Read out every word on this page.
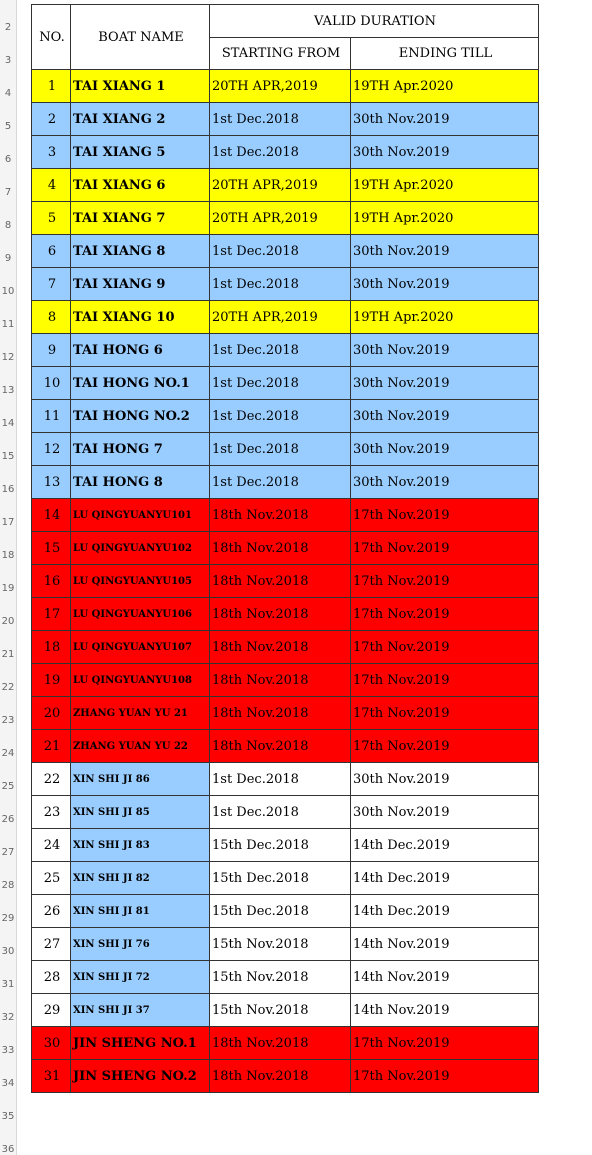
2
3
4
5
6
7
8
9
10
11
12
13
14
15
16
17
18
19
20
21
22
23
24
25
26
27
28
29
30
31
32
33
34
35
36
NO.	BOAT NAME	VALID DURATION	
		STARTING FROM	ENDING TILL
1	TAI XIANG 1	20TH APR,2019	19TH Apr.2020
2	TAI XIANG 2	1st Dec.2018	30th Nov.2019
3	TAI XIANG 5	1st Dec.2018	30th Nov.2019
4	TAI XIANG 6	20TH APR,2019	19TH Apr.2020
5	TAI XIANG 7	20TH APR,2019	19TH Apr.2020
6	TAI XIANG 8	1st Dec.2018	30th Nov.2019
7	TAI XIANG 9	1st Dec.2018	30th Nov.2019
8	TAI XIANG 10	20TH APR,2019	19TH Apr.2020
9	TAI HONG 6	1st Dec.2018	30th Nov.2019
10	TAI HONG NO.1	1st Dec.2018	30th Nov.2019
11	TAI HONG NO.2	1st Dec.2018	30th Nov.2019
12	TAI HONG 7	1st Dec.2018	30th Nov.2019
13	TAI HONG 8	1st Dec.2018	30th Nov.2019
14	LU QINGYUANYU101	18th Nov.2018	17th Nov.2019
15	LU QINGYUANYU102	18th Nov.2018	17th Nov.2019
16	LU QINGYUANYU105	18th Nov.2018	17th Nov.2019
17	LU QINGYUANYU106	18th Nov.2018	17th Nov.2019
18	LU QINGYUANYU107	18th Nov.2018	17th Nov.2019
19	LU QINGYUANYU108	18th Nov.2018	17th Nov.2019
20	ZHANG YUAN YU 21	18th Nov.2018	17th Nov.2019
21	ZHANG YUAN YU 22	18th Nov.2018	17th Nov.2019
22	XIN SHI JI 86	1st Dec.2018	30th Nov.2019
23	XIN SHI JI 85	1st Dec.2018	30th Nov.2019
24	XIN SHI JI 83	15th Dec.2018	14th Dec.2019
25	XIN SHI JI 82	15th Dec.2018	14th Dec.2019
26	XIN SHI JI 81	15th Dec.2018	14th Dec.2019
27	XIN SHI JI 76	15th Nov.2018	14th Nov.2019
28	XIN SHI JI 72	15th Nov.2018	14th Nov.2019
29	XIN SHI JI 37	15th Nov.2018	14th Nov.2019
30	JIN SHENG NO.1	18th Nov.2018	17th Nov.2019
31	JIN SHENG NO.2	18th Nov.2018	17th Nov.2019
